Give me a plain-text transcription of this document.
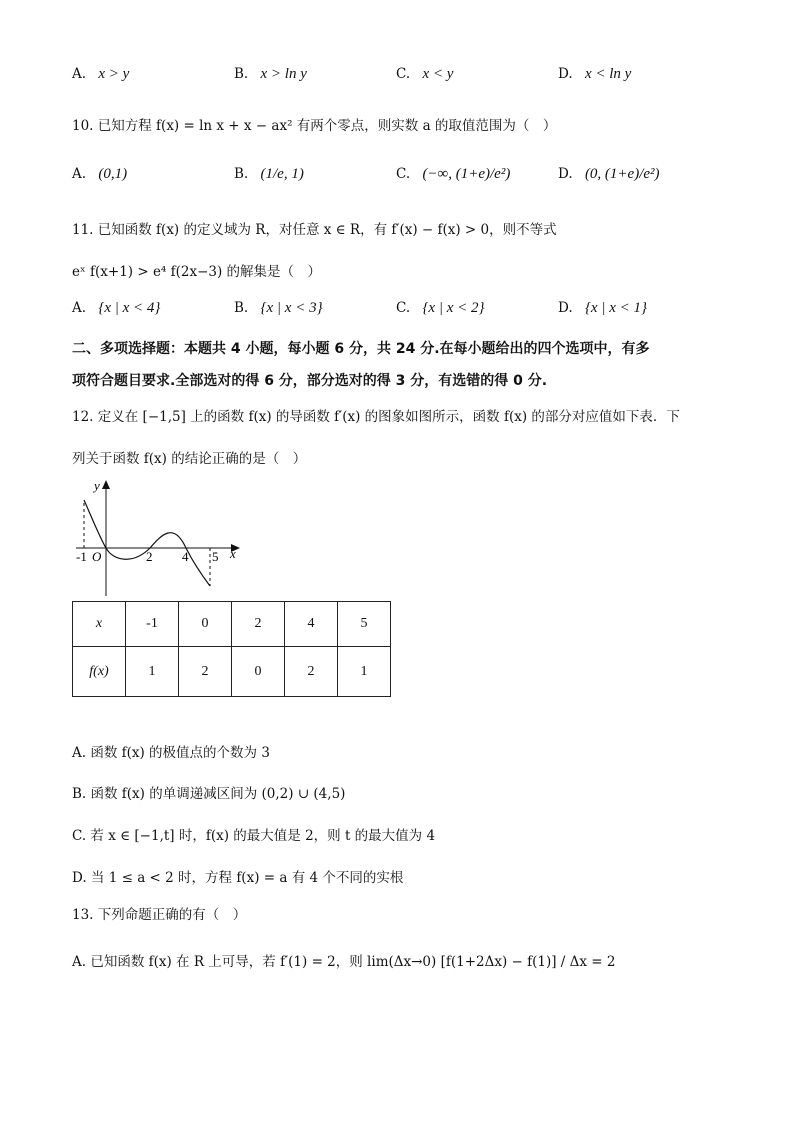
A. x > y	B. x > ln y	C. x < y	D. x < ln y
10. 已知方程 f(x) = ln x + x − ax² 有两个零点，则实数 a 的取值范围为（　）
A. (0,1)	B. (1/e, 1)	C. (−∞, (1+e)/e²)	D. (0, (1+e)/e²)
11. 已知函数 f(x) 的定义域为 R，对任意 x ∈ R，有 f′(x) − f(x) > 0，则不等式
eˣ f(x+1) > e⁴ f(2x−3) 的解集是（　）
A. {x | x < 4}	B. {x | x < 3}	C. {x | x < 2}	D. {x | x < 1}
二、多项选择题：本题共 4 小题，每小题 6 分，共 24 分.在每小题给出的四个选项中，有多
项符合题目要求.全部选对的得 6 分，部分选对的得 3 分，有选错的得 0 分.
12. 定义在 [−1,5] 上的函数 f(x) 的导函数 f′(x) 的图象如图所示，函数 f(x) 的部分对应值如下表．下
列关于函数 f(x) 的结论正确的是（　）
y
x
O
-1	2 4 5
x	-1	0	2	4	5
f(x)	1	2	0	2	1
A. 函数 f(x) 的极值点的个数为 3
B. 函数 f(x) 的单调递减区间为 (0,2) ∪ (4,5)
C. 若 x ∈ [−1,t] 时，f(x) 的最大值是 2，则 t 的最大值为 4
D. 当 1 ≤ a < 2 时，方程 f(x) = a 有 4 个不同的实根
13. 下列命题正确的有（　）
A. 已知函数 f(x) 在 R 上可导，若 f′(1) = 2，则 lim(Δx→0) [f(1+2Δx) − f(1)] / Δx = 2
